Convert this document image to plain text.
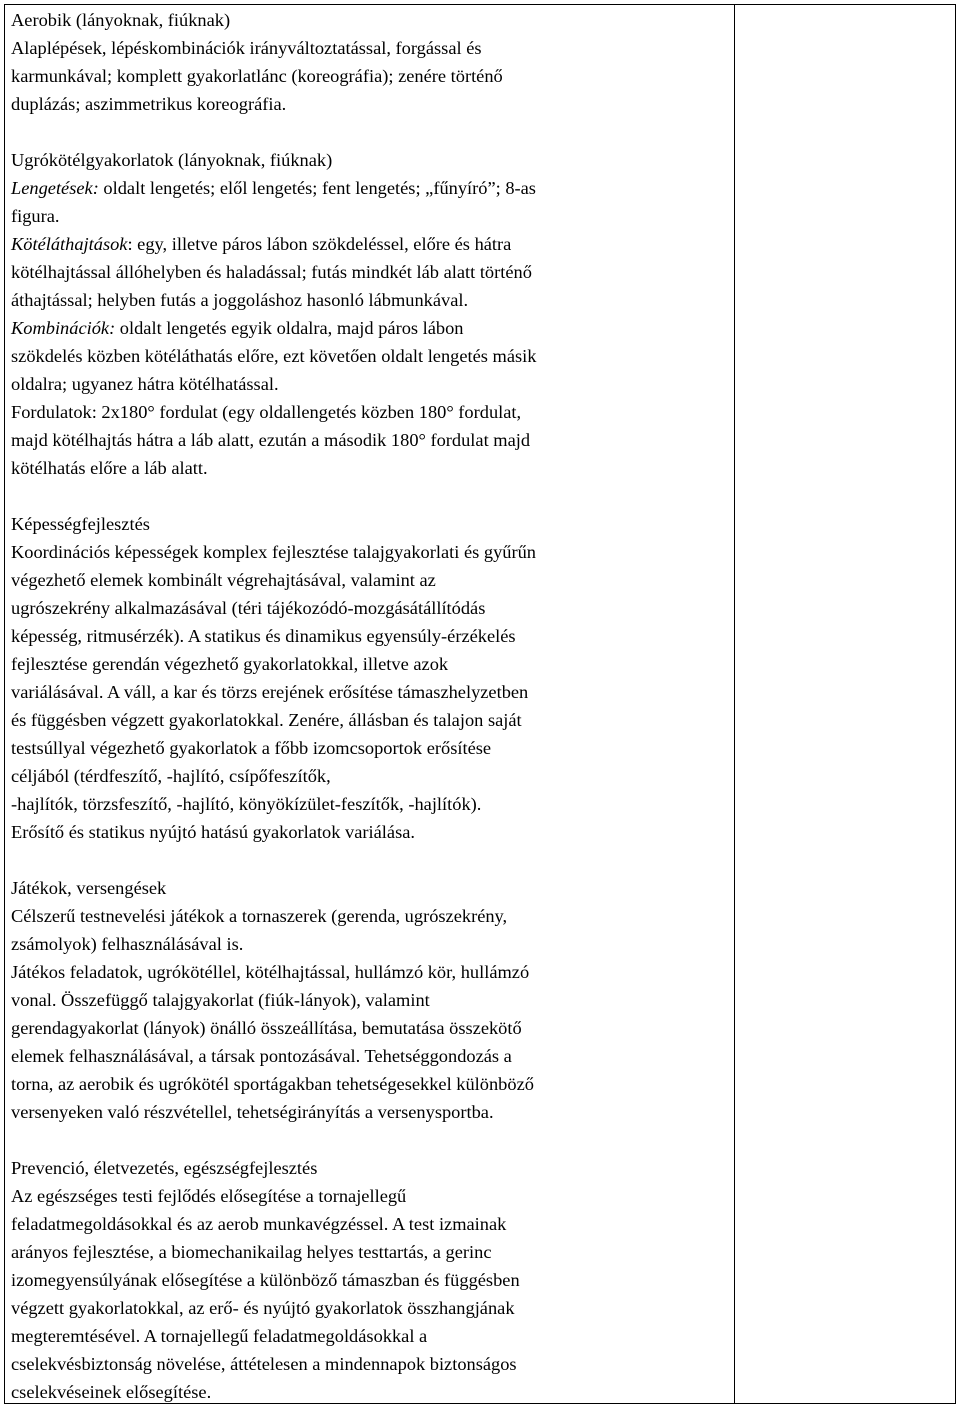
Aerobik (lányoknak, fiúknak)
Alaplépések, lépéskombinációk irányváltoztatással, forgással és
karmunkával; komplett gyakorlatlánc (koreográfia); zenére történő
duplázás; aszimmetrikus koreográfia.
Ugrókötélgyakorlatok (lányoknak, fiúknak)
Lengetések: oldalt lengetés; elől lengetés; fent lengetés; „fűnyíró”; 8-as
figura.
Kötéláthajtások: egy, illetve páros lábon szökdeléssel, előre és hátra
kötélhajtással állóhelyben és haladással; futás mindkét láb alatt történő
áthajtással; helyben futás a joggoláshoz hasonló lábmunkával.
Kombinációk: oldalt lengetés egyik oldalra, majd páros lábon
szökdelés közben kötéláthatás előre, ezt követően oldalt lengetés másik
oldalra; ugyanez hátra kötélhatással.
Fordulatok: 2x180° fordulat (egy oldallengetés közben 180° fordulat,
majd kötélhajtás hátra a láb alatt, ezután a második 180° fordulat majd
kötélhatás előre a láb alatt.
Képességfejlesztés
Koordinációs képességek komplex fejlesztése talajgyakorlati és gyűrűn
végezhető elemek kombinált végrehajtásával, valamint az
ugrószekrény alkalmazásával (téri tájékozódó-mozgásátállítódás
képesség, ritmusérzék). A statikus és dinamikus egyensúly-érzékelés
fejlesztése gerendán végezhető gyakorlatokkal, illetve azok
variálásával. A váll, a kar és törzs erejének erősítése támaszhelyzetben
és függésben végzett gyakorlatokkal. Zenére, állásban és talajon saját
testsúllyal végezhető gyakorlatok a főbb izomcsoportok erősítése
céljából (térdfeszítő, -hajlító, csípőfeszítők,
-hajlítók, törzsfeszítő, -hajlító, könyökízület-feszítők, -hajlítók).
Erősítő és statikus nyújtó hatású gyakorlatok variálása.
Játékok, versengések
Célszerű testnevelési játékok a tornaszerek (gerenda, ugrószekrény,
zsámolyok) felhasználásával is.
Játékos feladatok, ugrókötéllel, kötélhajtással, hullámzó kör, hullámzó
vonal. Összefüggő talajgyakorlat (fiúk-lányok), valamint
gerendagyakorlat (lányok) önálló összeállítása, bemutatása összekötő
elemek felhasználásával, a társak pontozásával. Tehetséggondozás a
torna, az aerobik és ugrókötél sportágakban tehetségesekkel különböző
versenyeken való részvétellel, tehetségirányítás a versenysportba.
Prevenció, életvezetés, egészségfejlesztés
Az egészséges testi fejlődés elősegítése a tornajellegű
feladatmegoldásokkal és az aerob munkavégzéssel. A test izmainak
arányos fejlesztése, a biomechanikailag helyes testtartás, a gerinc
izomegyensúlyának elősegítése a különböző támaszban és függésben
végzett gyakorlatokkal, az erő- és nyújtó gyakorlatok összhangjának
megteremtésével. A tornajellegű feladatmegoldásokkal a
cselekvésbiztonság növelése, áttételesen a mindennapok biztonságos
cselekvéseinek elősegítése.
